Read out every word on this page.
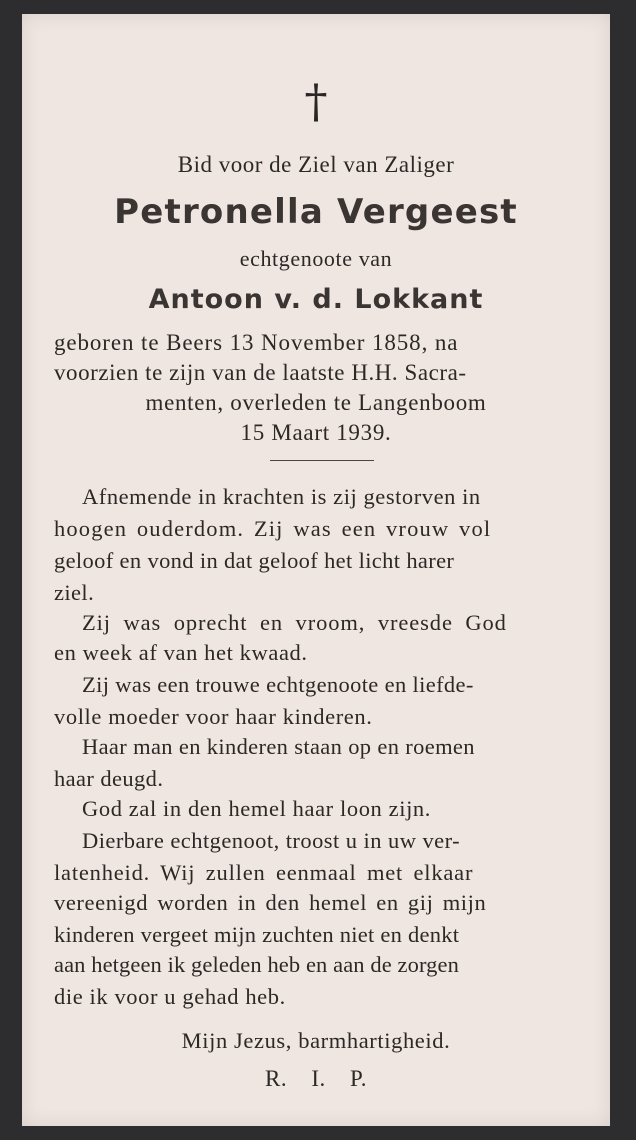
†
Bid voor de Ziel van Zaliger
Petronella Vergeest
echtgenoote van
Antoon v. d. Lokkant
geboren te Beers 13 November 1858, na
voorzien te zijn van de laatste H.H. Sacra-
menten, overleden te Langenboom
15 Maart 1939.
Afnemende in krachten is zij gestorven in
hoogen ouderdom. Zij was een vrouw vol
geloof en vond in dat geloof het licht harer
ziel.
Zij was oprecht en vroom, vreesde God
en week af van het kwaad.
Zij was een trouwe echtgenoote en liefde-
volle moeder voor haar kinderen.
Haar man en kinderen staan op en roemen
haar deugd.
God zal in den hemel haar loon zijn.
Dierbare echtgenoot, troost u in uw ver-
latenheid. Wij zullen eenmaal met elkaar
vereenigd worden in den hemel en gij mijn
kinderen vergeet mijn zuchten niet en denkt
aan hetgeen ik geleden heb en aan de zorgen
die ik voor u gehad heb.
Mijn Jezus, barmhartigheid.
R. I. P.
